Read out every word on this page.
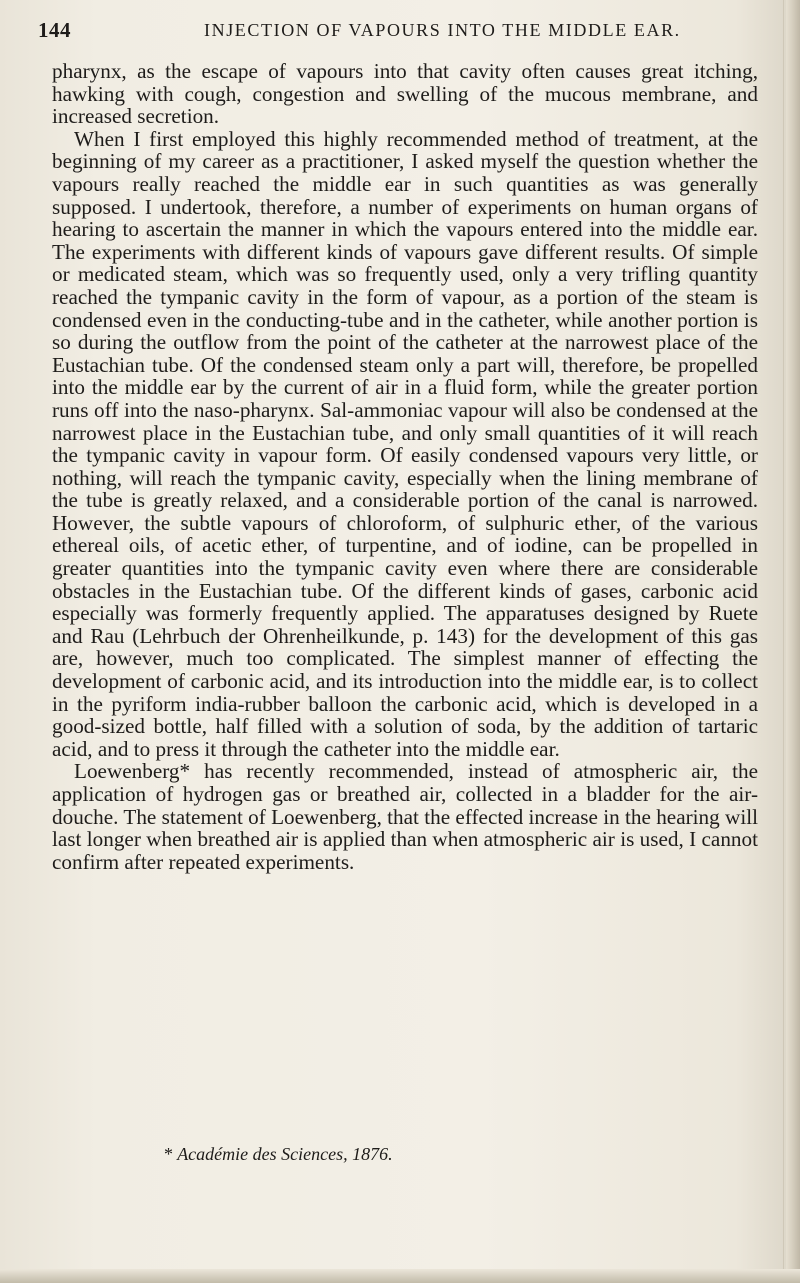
144	INJECTION OF VAPOURS INTO THE MIDDLE EAR.

pharynx, as the escape of vapours into that cavity often causes great itching, hawking with cough, congestion and swelling of the mucous membrane, and increased secretion.

When I first employed this highly recommended method of treatment, at the beginning of my career as a practitioner, I asked myself the question whether the vapours really reached the middle ear in such quantities as was generally supposed. I undertook, therefore, a number of experiments on human organs of hearing to ascertain the manner in which the vapours entered into the middle ear. The experiments with different kinds of vapours gave different results. Of simple or medicated steam, which was so frequently used, only a very trifling quantity reached the tympanic cavity in the form of vapour, as a portion of the steam is condensed even in the conducting-tube and in the catheter, while another portion is so during the outflow from the point of the catheter at the narrowest place of the Eustachian tube. Of the condensed steam only a part will, therefore, be propelled into the middle ear by the current of air in a fluid form, while the greater portion runs off into the naso-pharynx. Sal-ammoniac vapour will also be condensed at the narrowest place in the Eustachian tube, and only small quantities of it will reach the tympanic cavity in vapour form. Of easily condensed vapours very little, or nothing, will reach the tympanic cavity, especially when the lining membrane of the tube is greatly relaxed, and a considerable portion of the canal is narrowed. However, the subtle vapours of chloroform, of sulphuric ether, of the various ethereal oils, of acetic ether, of turpentine, and of iodine, can be propelled in greater quantities into the tympanic cavity even where there are considerable obstacles in the Eustachian tube. Of the different kinds of gases, carbonic acid especially was formerly frequently applied. The apparatuses designed by Ruete and Rau (Lehrbuch der Ohrenheilkunde, p. 143) for the development of this gas are, however, much too complicated. The simplest manner of effecting the development of carbonic acid, and its introduction into the middle ear, is to collect in the pyriform india-rubber balloon the carbonic acid, which is developed in a good-sized bottle, half filled with a solution of soda, by the addition of tartaric acid, and to press it through the catheter into the middle ear.

Loewenberg* has recently recommended, instead of atmospheric air, the application of hydrogen gas or breathed air, collected in a bladder for the air-douche. The statement of Loewenberg, that the effected increase in the hearing will last longer when breathed air is applied than when atmospheric air is used, I cannot confirm after repeated experiments.

* Académie des Sciences, 1876.
